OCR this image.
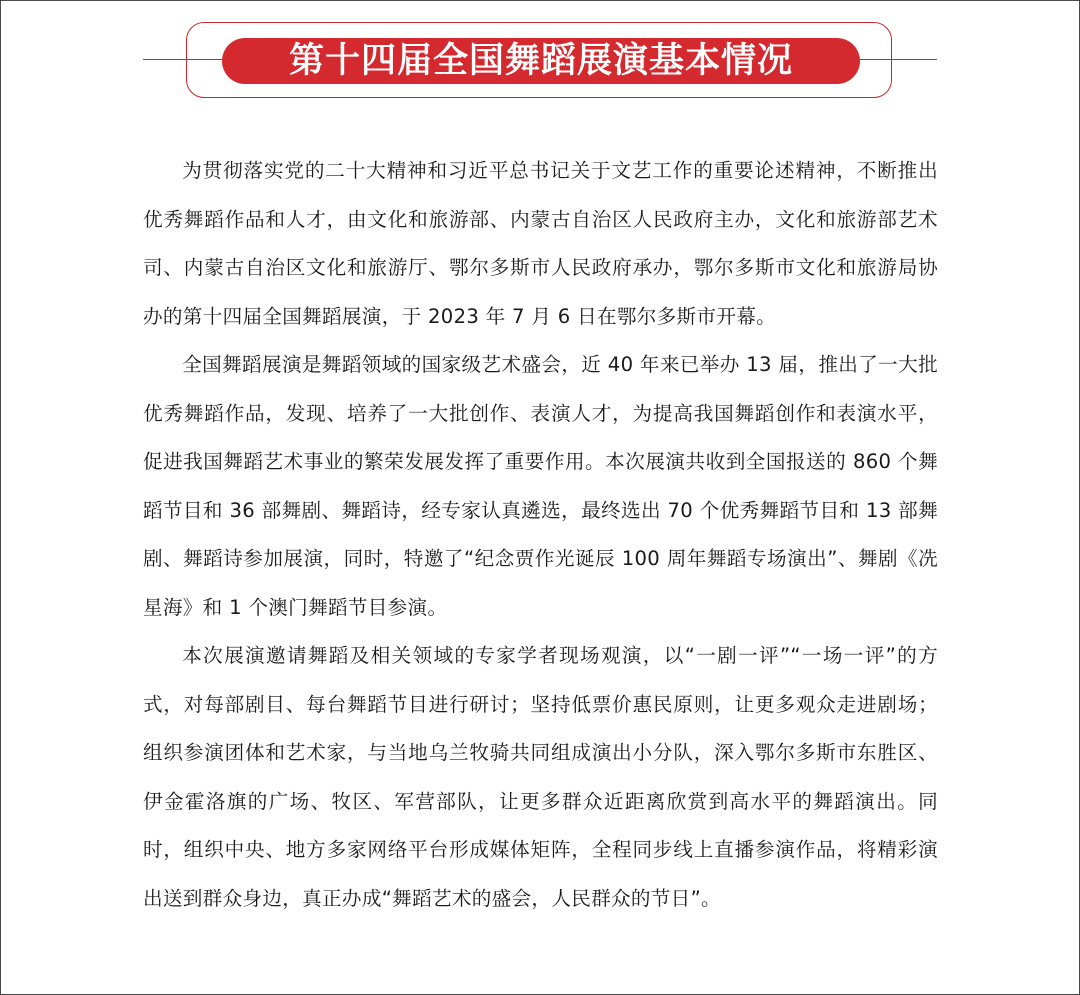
第十四届全国舞蹈展演基本情况

为贯彻落实党的二十大精神和习近平总书记关于文艺工作的重要论述精神，不断推出优秀舞蹈作品和人才，由文化和旅游部、内蒙古自治区人民政府主办，文化和旅游部艺术司、内蒙古自治区文化和旅游厅、鄂尔多斯市人民政府承办，鄂尔多斯市文化和旅游局协办的第十四届全国舞蹈展演，于 2023 年 7 月 6 日在鄂尔多斯市开幕。

全国舞蹈展演是舞蹈领域的国家级艺术盛会，近 40 年来已举办 13 届，推出了一大批优秀舞蹈作品，发现、培养了一大批创作、表演人才，为提高我国舞蹈创作和表演水平，促进我国舞蹈艺术事业的繁荣发展发挥了重要作用。本次展演共收到全国报送的 860 个舞蹈节目和 36 部舞剧、舞蹈诗，经专家认真遴选，最终选出 70 个优秀舞蹈节目和 13 部舞剧、舞蹈诗参加展演，同时，特邀了“纪念贾作光诞辰 100 周年舞蹈专场演出”、舞剧《冼星海》和 1 个澳门舞蹈节目参演。

本次展演邀请舞蹈及相关领域的专家学者现场观演，以“一剧一评”“一场一评”的方式，对每部剧目、每台舞蹈节目进行研讨；坚持低票价惠民原则，让更多观众走进剧场；组织参演团体和艺术家，与当地乌兰牧骑共同组成演出小分队，深入鄂尔多斯市东胜区、伊金霍洛旗的广场、牧区、军营部队，让更多群众近距离欣赏到高水平的舞蹈演出。同时，组织中央、地方多家网络平台形成媒体矩阵，全程同步线上直播参演作品，将精彩演出送到群众身边，真正办成“舞蹈艺术的盛会，人民群众的节日”。
